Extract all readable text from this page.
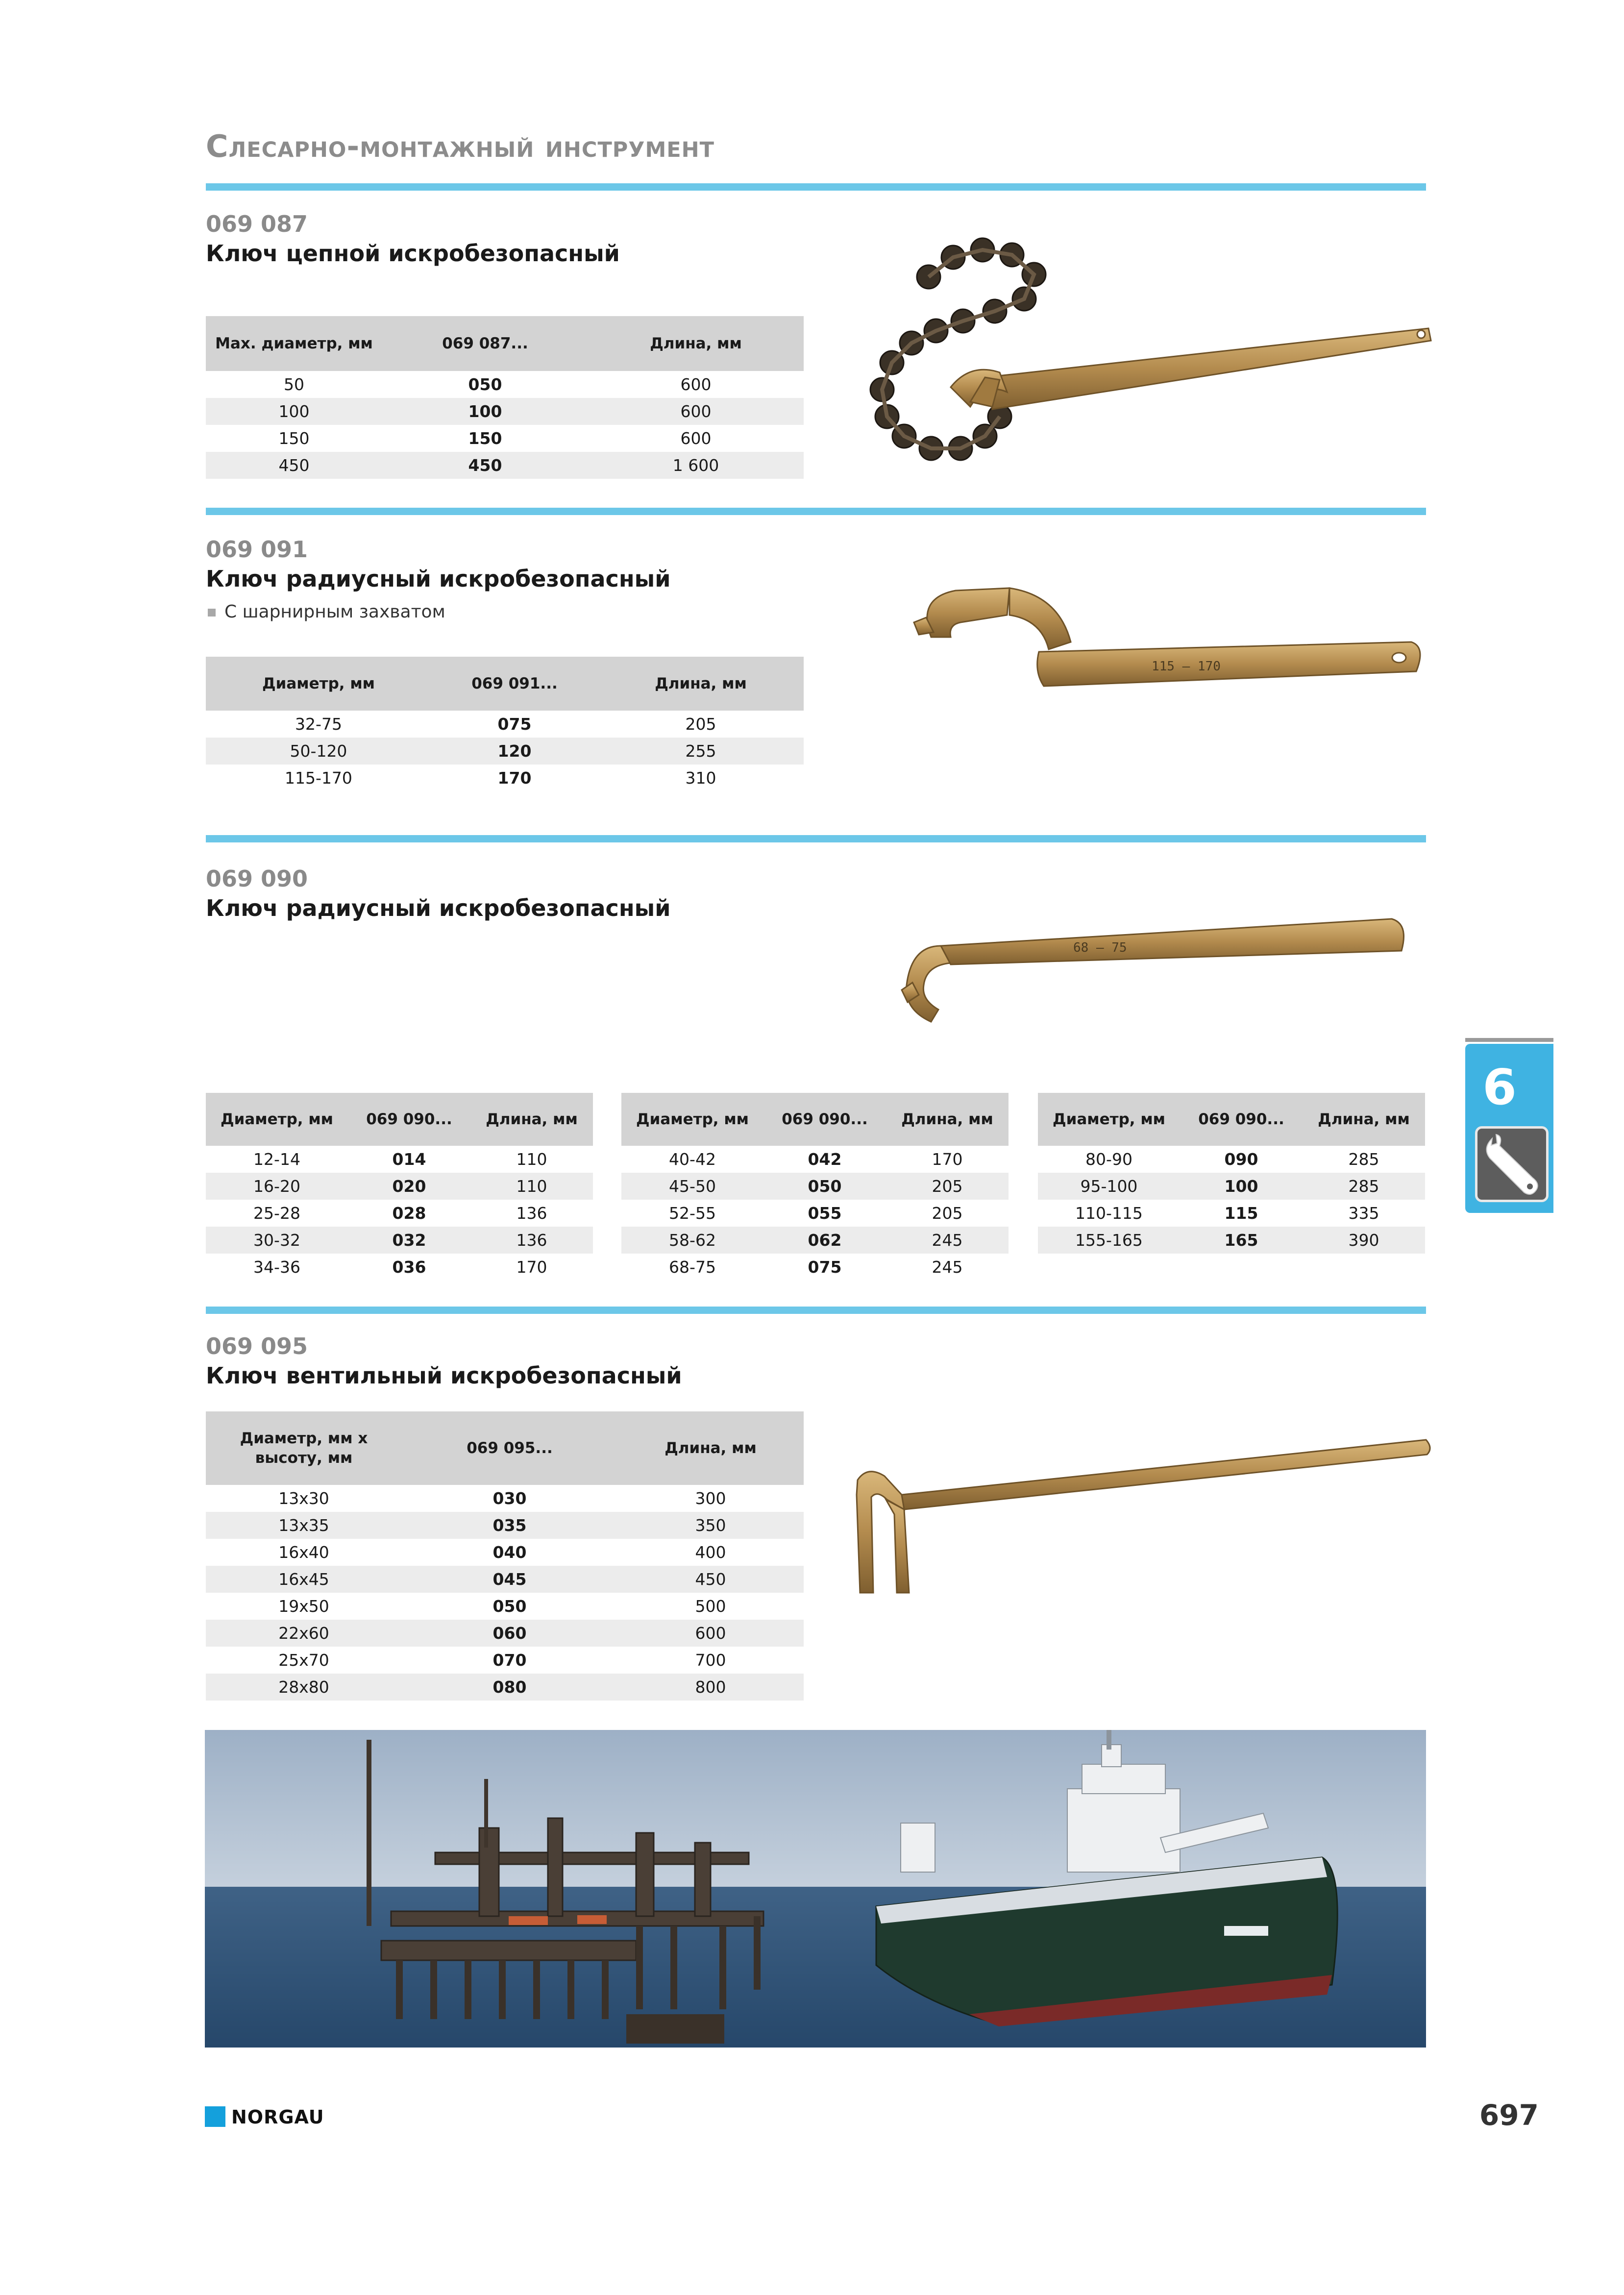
Слесарно-монтажный инструмент
069 087
Ключ цепной искробезопасный
Max. диаметр, мм	069 087...	Длина, мм
50	050	600
100	100	600
150	150	600
450	450	1 600
069 091
Ключ радиусный искробезопасный
С шарнирным захватом
Диаметр, мм	069 091...	Длина, мм
32-75	075	205
50-120	120	255
115-170	170	310
115 — 170
069 090
Ключ радиусный искробезопасный
68 — 75
Диаметр, мм	069 090...	Длина, мм
12-14	014	110
16-20	020	110
25-28	028	136
30-32	032	136
34-36	036	170
Диаметр, мм	069 090...	Длина, мм
40-42	042	170
45-50	050	205
52-55	055	205
58-62	062	245
68-75	075	245
Диаметр, мм	069 090...	Длина, мм
80-90	090	285
95-100	100	285
110-115	115	335
155-165	165	390
069 095
Ключ вентильный искробезопасный
Диаметр, мм х высоту, мм	069 095...	Длина, мм
13x30	030	300
13x35	035	350
16x40	040	400
16x45	045	450
19x50	050	500
22x60	060	600
25x70	070	700
28x80	080	800
6
NORGAU	697
